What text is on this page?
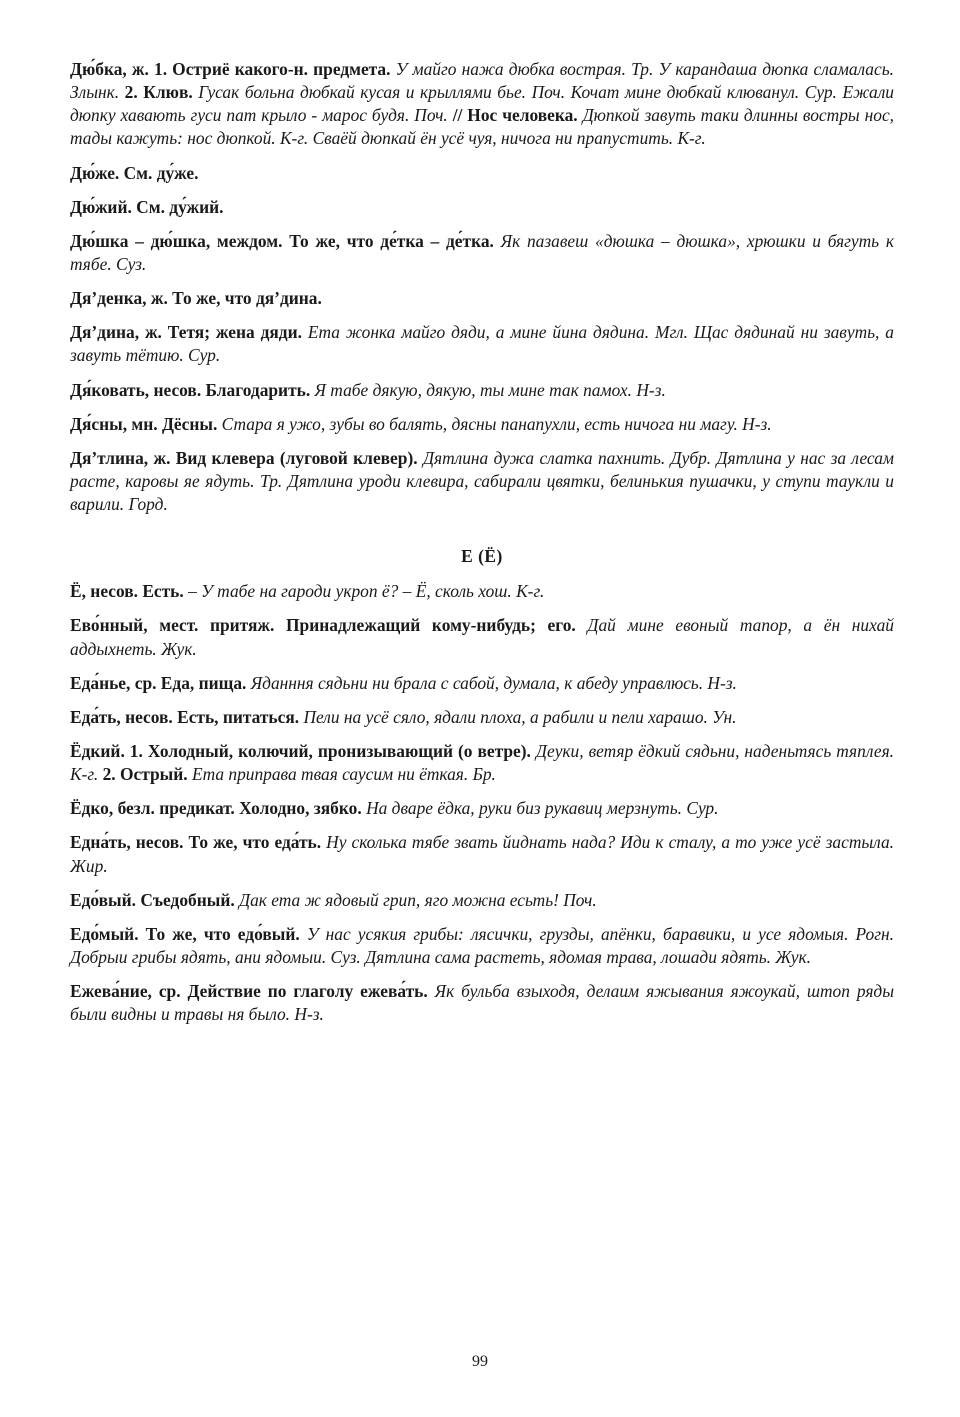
Дю́бка, ж. 1. Остриё какого-н. предмета. У майго нажа дюбка вострая. Тр. У карандаша дюпка сламалась. Злынк. 2. Клюв. Гусак больна дюбкай кусая и крыллями бье. Поч. Кочат мине дюбкай клюванул. Сур. Ежали дюпку хавають гуси пат крыло - марос будя. Поч. // Нос человека. Дюпкой завуть таки длинны востры нос, тады кажуть: нос дюпкой. К-г. Сваёй дюпкай ён усё чуя, ничога ни прапустить. К-г.

Дю́же. См. ду́же.

Дю́жий. См. ду́жий.

Дю́шка – дю́шка, междом. То же, что де́тка – де́тка. Як пазавеш «дюшка – дюшка», хрюшки и бягуть к тябе. Суз.

Дя’денка, ж. То же, что дя’дина.

Дя’дина, ж. Тетя; жена дяди. Ета жонка майго дяди, а мине йина дядина. Мгл. Щас дядинай ни завуть, а завуть тётию. Сур.

Дя́ковать, несов. Благодарить. Я табе дякую, дякую, ты мине так памох. Н-з.

Дя́сны, мн. Дёсны. Стара я ужо, зубы во балять, дясны панапухли, есть ничога ни магу. Н-з.

Дя’тлина, ж. Вид клевера (луговой клевер). Дятлина дужа слатка пахнить. Дубр. Дятлина у нас за лесам расте, каровы яе ядуть. Тр. Дятлина уроди клевира, сабирали цвятки, белинькия пушачки, у ступи таукли и варили. Горд.

Е (Ё)

Ё, несов. Есть. – У табе на гароди укроп ё? – Ё, сколь хош. К-г.

Ево́нный, мест. притяж. Принадлежащий кому-нибудь; его. Дай мине евоный тапор, а ён нихай аддыхнеть. Жук.

Еда́нье, ср. Еда, пища. Яданння сядьни ни брала с сабой, думала, к абеду управлюсь. Н-з.

Еда́ть, несов. Есть, питаться. Пели на усё сяло, ядали плоха, а рабили и пели харашо. Ун.

Ёдкий. 1. Холодный, колючий, пронизывающий (о ветре). Деуки, ветяр ёдкий сядьни, наденьтясь тяплея. К-г. 2. Острый. Ета приправа твая саусим ни ёткая. Бр.

Ёдко, безл. предикат. Холодно, зябко. На дваре ёдка, руки биз рукавиц мерзнуть. Сур.

Една́ть, несов. То же, что еда́ть. Ну сколька тябе звать йиднать нада? Иди к сталу, а то уже усё застыла. Жир.

Едо́вый. Съедобный. Дак ета ж ядовый грип, яго можна есьть! Поч.

Едо́мый. То же, что едо́вый. У нас усякия грибы: лясички, грузды, апёнки, баравики, и усе ядомыя. Рогн. Добрыи грибы ядять, ани ядомыи. Суз. Дятлина сама растеть, ядомая трава, лошади ядять. Жук.

Ежева́ние, ср. Действие по глаголу ежева́ть. Як бульба взыходя, делаим яжывания яжоукай, штоп ряды были видны и травы ня было. Н-з.

99
